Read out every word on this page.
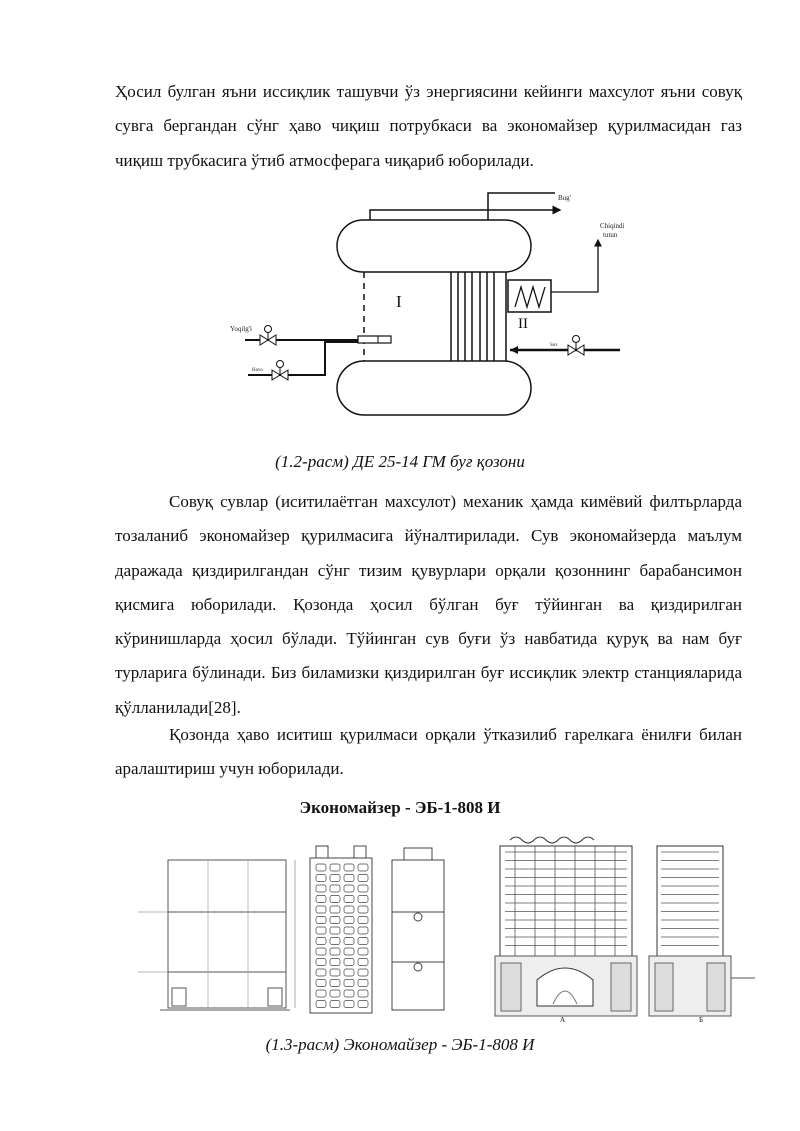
Ҳосил булган яъни иссиқлик ташувчи ўз энергиясини кейинги махсулот яъни совуқ сувга бергандан сўнг ҳаво чиқиш потрубкаси ва экономайзер қурилмасидан газ чиқиш трубкасига ўтиб атмосферага чиқариб юборилади.

Bug'
Chiqindi
tutun
Yoqilg'i
Havo
Suv
I
II

(1.2-расм) ДЕ 25-14 ГМ буғ қозони

Совуқ сувлар (иситилаётган махсулот) механик ҳамда кимёвий филтьрларда тозаланиб экономайзер қурилмасига йўналтирилади. Сув экономайзерда маълум даражада қиздирилгандан сўнг тизим қувурлари орқали қозоннинг барабансимон қисмига юборилади. Қозонда ҳосил бўлган буғ тўйинган ва қиздирилган кўринишларда ҳосил бўлади. Тўйинган сув буғи ўз навбатида қуруқ ва нам буғ турларига бўлинади. Биз биламизки қиздирилган буғ иссиқлик электр станцияларида қўлланилади[28].

Қозонда ҳаво иситиш қурилмаси орқали ўтказилиб гарелкага ёнилғи билан аралаштириш учун юборилади.

Экономайзер - ЭБ-1-808 И

A	Б

(1.3-расм) Экономайзер - ЭБ-1-808 И
